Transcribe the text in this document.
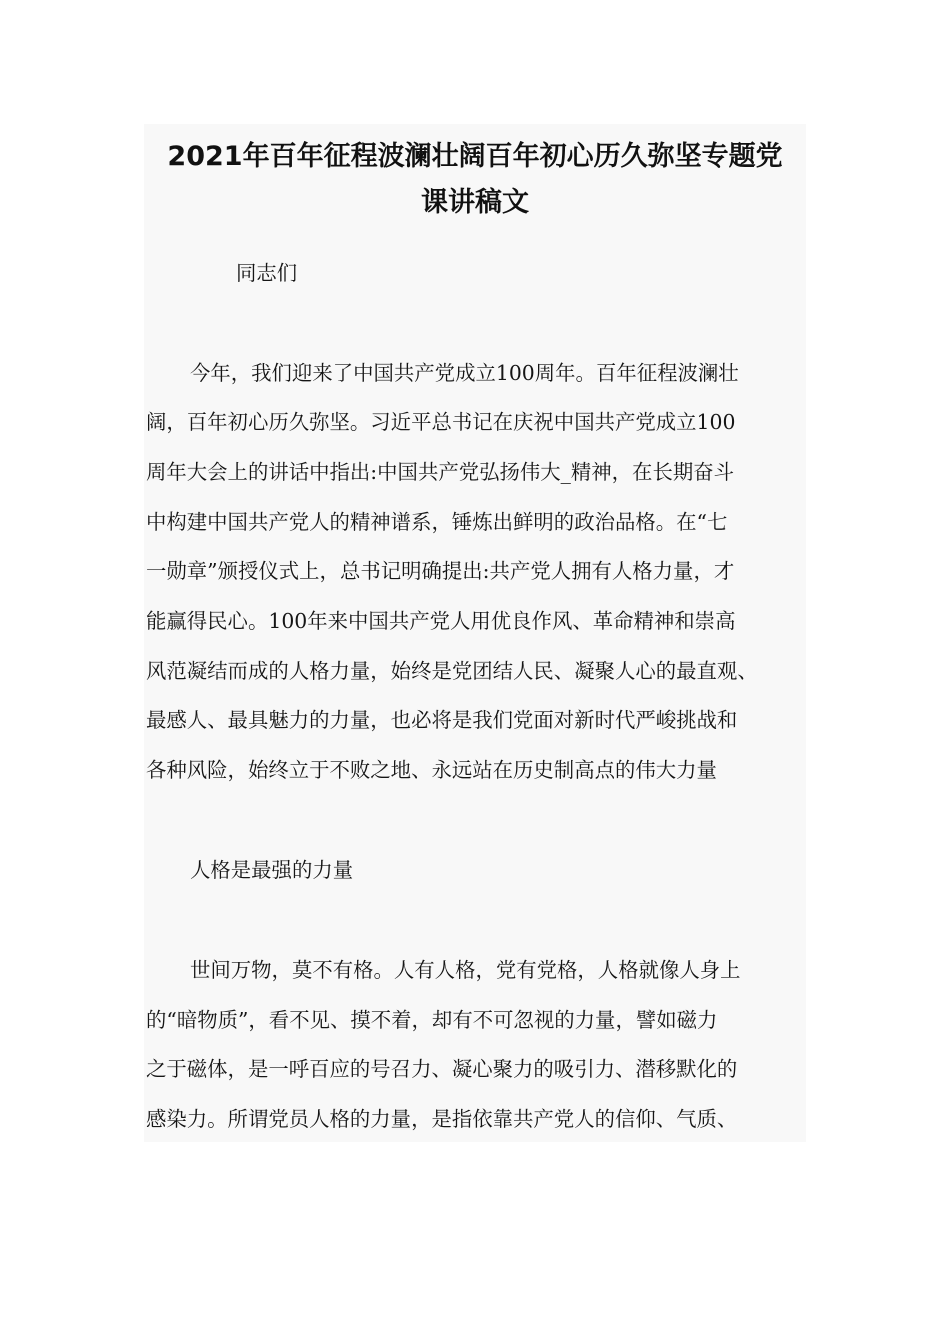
2021年百年征程波澜壮阔百年初心历久弥坚专题党
课讲稿文
同志们
今年，我们迎来了中国共产党成立100周年。百年征程波澜壮
阔，百年初心历久弥坚。习近平总书记在庆祝中国共产党成立100
周年大会上的讲话中指出:中国共产党弘扬伟大_精神，在长期奋斗
中构建中国共产党人的精神谱系，锤炼出鲜明的政治品格。在“七
一勋章”颁授仪式上，总书记明确提出:共产党人拥有人格力量，才
能赢得民心。100年来中国共产党人用优良作风、革命精神和崇高
风范凝结而成的人格力量，始终是党团结人民、凝聚人心的最直观、
最感人、最具魅力的力量，也必将是我们党面对新时代严峻挑战和
各种风险，始终立于不败之地、永远站在历史制高点的伟大力量
人格是最强的力量
世间万物，莫不有格。人有人格，党有党格，人格就像人身上
的“暗物质”，看不见、摸不着，却有不可忽视的力量，譬如磁力
之于磁体，是一呼百应的号召力、凝心聚力的吸引力、潜移默化的
感染力。所谓党员人格的力量，是指依靠共产党人的信仰、气质、
